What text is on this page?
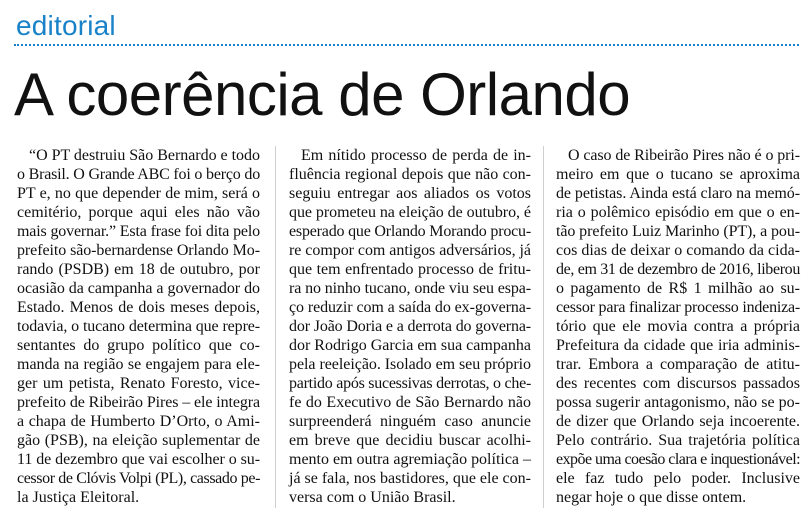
editorial
A coerência de Orlando
“O PT destruiu São Bernardo e todo
o Brasil. O Grande ABC foi o berço do
PT e, no que depender de mim, será o
cemitério, porque aqui eles não vão
mais governar.” Esta frase foi dita pelo
prefeito são-bernardense Orlando Mo-
rando (PSDB) em 18 de outubro, por
ocasião da campanha a governador do
Estado. Menos de dois meses depois,
todavia, o tucano determina que repre-
sentantes do grupo político que co-
manda na região se engajem para ele-
ger um petista, Renato Foresto, vice-
prefeito de Ribeirão Pires – ele integra
a chapa de Humberto D’Orto, o Ami-
gão (PSB), na eleição suplementar de
11 de dezembro que vai escolher o su-
cessor de Clóvis Volpi (PL), cassado pe-
la Justiça Eleitoral.
Em nítido processo de perda de in-
fluência regional depois que não con-
seguiu entregar aos aliados os votos
que prometeu na eleição de outubro, é
esperado que Orlando Morando procu-
re compor com antigos adversários, já
que tem enfrentado processo de fritu-
ra no ninho tucano, onde viu seu espa-
ço reduzir com a saída do ex-governa-
dor João Doria e a derrota do governa-
dor Rodrigo Garcia em sua campanha
pela reeleição. Isolado em seu próprio
partido após sucessivas derrotas, o che-
fe do Executivo de São Bernardo não
surpreenderá ninguém caso anuncie
em breve que decidiu buscar acolhi-
mento em outra agremiação política –
já se fala, nos bastidores, que ele con-
versa com o União Brasil.
O caso de Ribeirão Pires não é o pri-
meiro em que o tucano se aproxima
de petistas. Ainda está claro na memó-
ria o polêmico episódio em que o en-
tão prefeito Luiz Marinho (PT), a pou-
cos dias de deixar o comando da cida-
de, em 31 de dezembro de 2016, liberou
o pagamento de R$ 1 milhão ao su-
cessor para finalizar processo indeniza-
tório que ele movia contra a própria
Prefeitura da cidade que iria adminis-
trar. Embora a comparação de atitu-
des recentes com discursos passados
possa sugerir antagonismo, não se po-
de dizer que Orlando seja incoerente.
Pelo contrário. Sua trajetória política
expõe uma coesão clara e inquestionável:
ele faz tudo pelo poder. Inclusive
negar hoje o que disse ontem.
